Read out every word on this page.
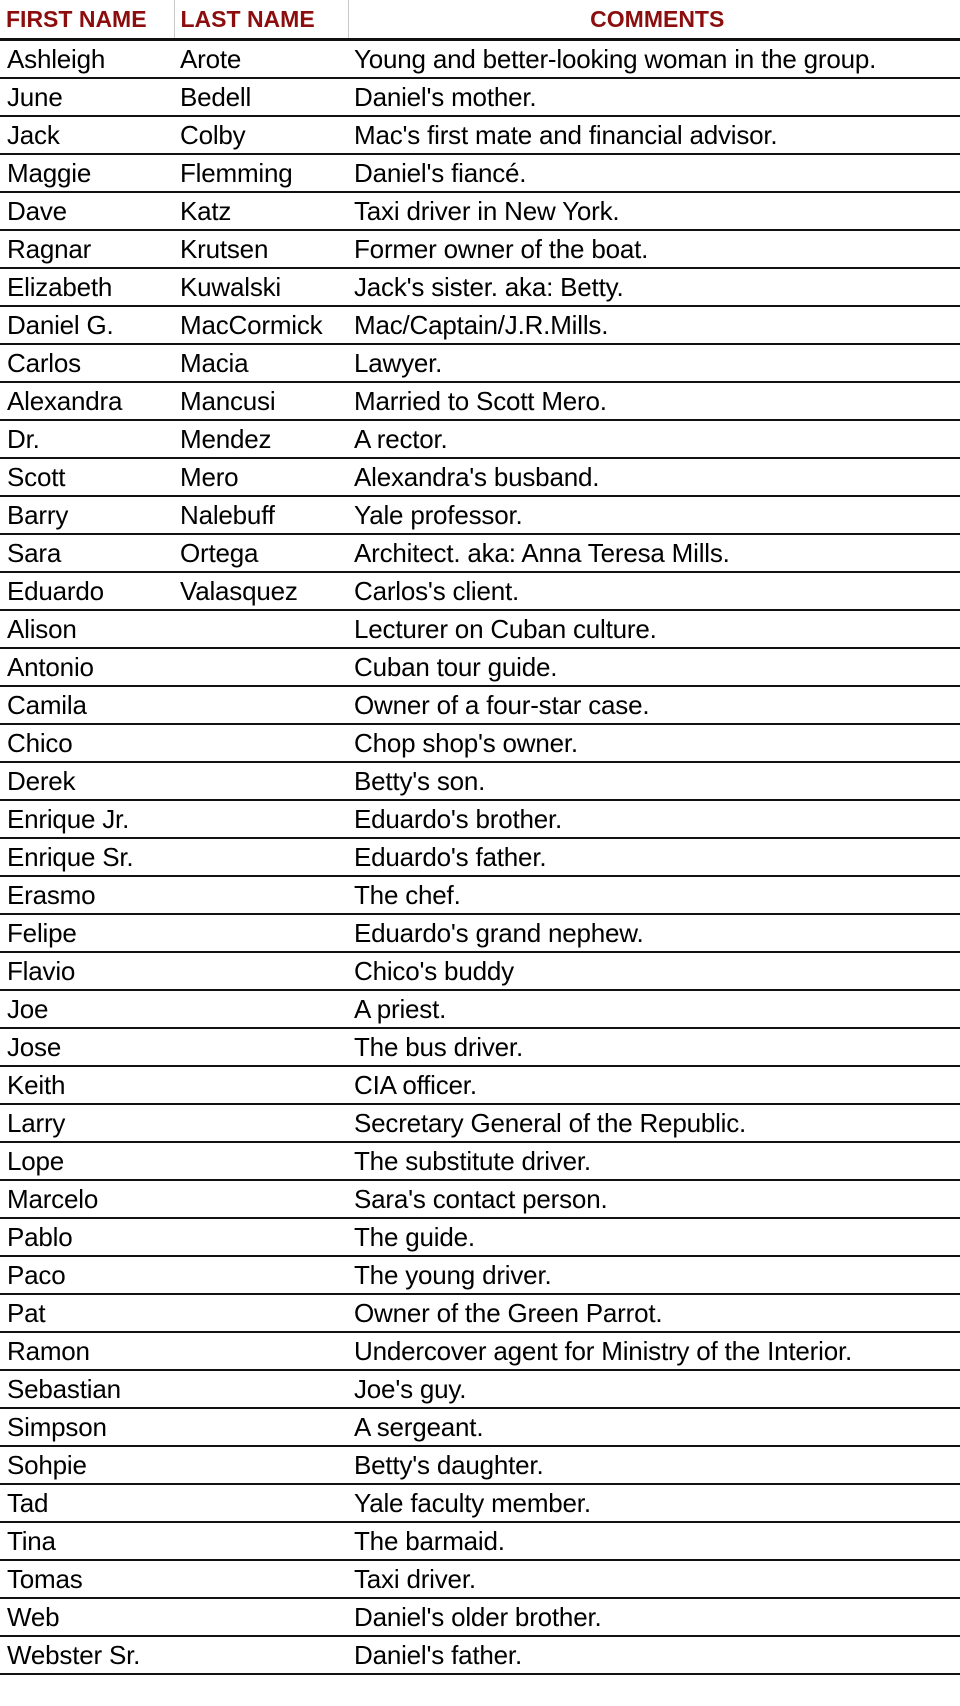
FIRST NAME	LAST NAME	COMMENTS
Ashleigh	Arote	Young and better-looking woman in the group.
June	Bedell	Daniel's mother.
Jack	Colby	Mac's first mate and financial advisor.
Maggie	Flemming	Daniel's fiancé.
Dave	Katz	Taxi driver in New York.
Ragnar	Krutsen	Former owner of the boat.
Elizabeth	Kuwalski	Jack's sister. aka: Betty.
Daniel G.	MacCormick	Mac/Captain/J.R.Mills.
Carlos	Macia	Lawyer.
Alexandra	Mancusi	Married to Scott Mero.
Dr.	Mendez	A rector.
Scott	Mero	Alexandra's busband.
Barry	Nalebuff	Yale professor.
Sara	Ortega	Architect. aka: Anna Teresa Mills.
Eduardo	Valasquez	Carlos's client.
Alison		Lecturer on Cuban culture.
Antonio		Cuban tour guide.
Camila		Owner of a four-star case.
Chico		Chop shop's owner.
Derek		Betty's son.
Enrique Jr.		Eduardo's brother.
Enrique Sr.		Eduardo's father.
Erasmo		The chef.
Felipe		Eduardo's grand nephew.
Flavio		Chico's buddy
Joe		A priest.
Jose		The bus driver.
Keith		CIA officer.
Larry		Secretary General of the Republic.
Lope		The substitute driver.
Marcelo		Sara's contact person.
Pablo		The guide.
Paco		The young driver.
Pat		Owner of the Green Parrot.
Ramon		Undercover agent for Ministry of the Interior.
Sebastian		Joe's guy.
Simpson		A sergeant.
Sohpie		Betty's daughter.
Tad		Yale faculty member.
Tina		The barmaid.
Tomas		Taxi driver.
Web		Daniel's older brother.
Webster Sr.		Daniel's father.
